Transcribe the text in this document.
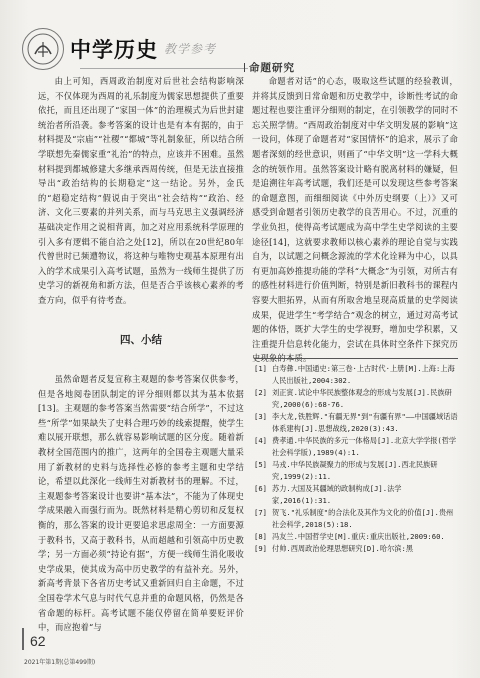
中学历史 教学参考
命题研究

由上可知，西周政治制度对后世社会结构影响深远，不仅体现为西周的礼乐制度为儒家思想提供了重要依托，而且还出现了“家国一体”的治理模式为后世封建统治者所沿袭。参考答案的设计也是有本有据的，由于材料提及“宗庙”“社稷”“都城”等礼制象征，所以结合所学联想先秦儒家重“礼治”的特点，应该并不困难。虽然材料提到都城修建大多继承西周传统，但是无法直接推导出“政治结构的长期稳定”这一结论。另外，金氏的“超稳定结构”假说由于突出“社会结构”“政治、经济、文化三要素的并列关系，而与马克思主义强调经济基础决定作用之说相背离，加之对应用系统科学原理的引入多有逻辑不能自洽之处[12]，所以在20世纪80年代曾世时已频遭物议，将这种与唯物史观基本原理有出入的学术成果引入高考试题，虽然为一线师生提供了历史学习的新视角和新方法，但是否合乎该核心素养的考查方向，似乎有待考查。

四、小结

虽然命题者反复宣称主观题的参考答案仅供参考，但是各地阅卷团队制定的评分细则都以其为基本依据[13]。主观题的参考答案当然需要“结合所学”，不过这些“所学”如果缺失了史料合理巧妙的线索提醒，使学生难以展开联想，那么就容易影响试题的区分度。随着新教材全国范围内的推广，这两年的全国卷主观题大量采用了新教材的史料与选择性必修的参考主题和史学结论，希望以此深化一线师生对新教材书的理解。不过，主观题参考答案设计也要讲“基本法”，不能为了体现史学成果融入而强行而为。既然材料是精心剪切和反复权衡的，那么答案的设计更要追求思虑周全：一方面要源于教科书，又高于教科书，从而超越和引领高中历史教学；另一方面必须“持论有据”，方便一线师生消化吸收史学成果，使其成为高中历史教学的有益补充。另外，新高考背景下各省历史考试又重新回归自主命题，不过全国卷学术气息与时代气息并重的命题风格，仍然是各省命题的标杆。高考试题不能仅停留在简单要贬评价中，而应抱着“与

命题者对话”的心态，吸取这些试题的经验教训，并将其反馈到日常命题和历史教学中，诊断性考试的命题过程也要注重评分细则的制定，在引领教学的同时不忘关照学情。“西周政治制度对中华文明发展的影响”这一设问，体现了命题者对“家国情怀”的追求，展示了命题者深刻的经世意识，则画了“中华文明”这一学科大概念的统领作用。虽然答案设计略有脱离材料的嫌疑，但是追溯往年高考试题，我们还是可以发现这些参考答案的命题意图，而细细阅读《中外历史纲要（上）》又可感受到命题者引领历史教学的良苦用心。不过，沉重的学业负担，使得高考试题成为高中学生史学阅读的主要途径[14]，这就要求教师以核心素养的理论自觉与实践自为，以试题之问概念源流的学术化诠释为中心，以具有更加高妙推提功能的学科“大概念”为引领，对所古有的感性材料进行价值判断，特别是新旧教科书的课程内容要大胆拓界，从而有所取舍地呈现高质量的史学阅读成果，促进学生“考学结合”观念的树立，通过对高考试题的体悟，既扩大学生的史学视野，增加史学积累，又注重提升信息转化能力，尝试在具体时空条件下探究历史现象的本质。

[1] 白寿彝.中国通史:第三卷·上古时代·上册[M].上海:上海人民出版社,2004:302.
[2] 刘正寅.试论中华民族整体观念的形成与发展[J].民族研究,2000(6):68-76.
[3] 李大龙,铁胜辉."有疆无界"到"有疆有界"——中国疆域话语体系建构[J].思想战线,2020(3):43.
[4] 费孝通.中华民族的多元一体格局[J].北京大学学报(哲学社会科学版),1989(4):1.
[5] 马戎.中华民族凝聚力的形成与发展[J].西北民族研究,1999(2):11.
[6] 苏力.大国及其疆域的政制构成[J].法学家,2016(1):31.
[7] 贺飞."礼乐制度"的合法化及其作为文化的价值[J].贵州社会科学,2018(5):18.
[8] 冯友兰.中国哲学史[M].重庆:重庆出版社,2009:60.
[9] 付帅.西周政治伦理思想研究[D].哈尔滨:黑
62
2021年第1期(总第499期)
